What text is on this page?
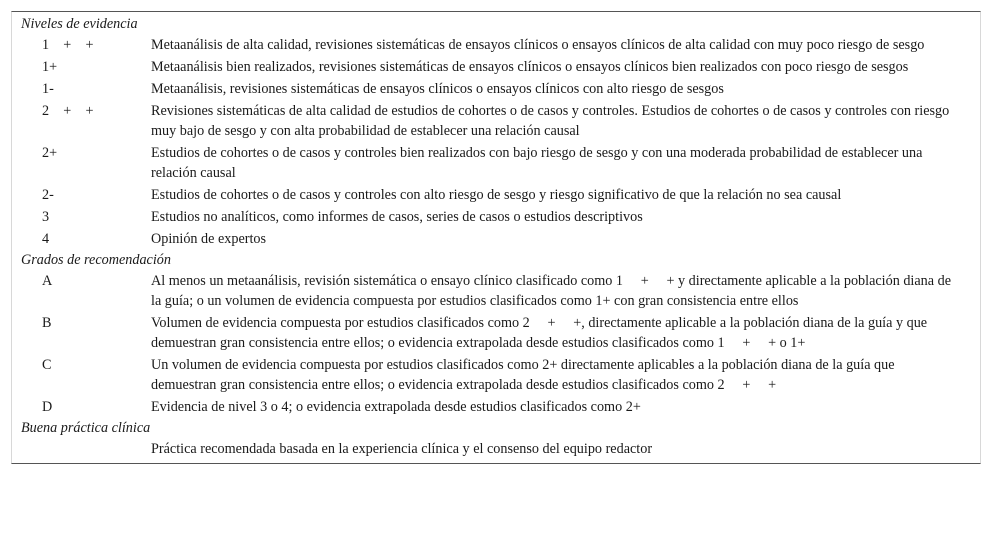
Niveles de evidencia
1    +    +	Metaanálisis de alta calidad, revisiones sistemáticas de ensayos clínicos o ensayos clínicos de alta calidad con muy poco riesgo de sesgo
1+	Metaanálisis bien realizados, revisiones sistemáticas de ensayos clínicos o ensayos clínicos bien realizados con poco riesgo de sesgos
1-	Metaanálisis, revisiones sistemáticas de ensayos clínicos o ensayos clínicos con alto riesgo de sesgos
2    +    +	Revisiones sistemáticas de alta calidad de estudios de cohortes o de casos y controles. Estudios de cohortes o de casos y controles con riesgo muy bajo de sesgo y con alta probabilidad de establecer una relación causal
2+	Estudios de cohortes o de casos y controles bien realizados con bajo riesgo de sesgo y con una moderada probabilidad de establecer una relación causal
2-	Estudios de cohortes o de casos y controles con alto riesgo de sesgo y riesgo significativo de que la relación no sea causal
3	Estudios no analíticos, como informes de casos, series de casos o estudios descriptivos
4	Opinión de expertos
Grados de recomendación
A	Al menos un metaanálisis, revisión sistemática o ensayo clínico clasificado como 1     +     + y directamente aplicable a la población diana de la guía; o un volumen de evidencia compuesta por estudios clasificados como 1+ con gran consistencia entre ellos
B	Volumen de evidencia compuesta por estudios clasificados como 2     +     +, directamente aplicable a la población diana de la guía y que demuestran gran consistencia entre ellos; o evidencia extrapolada desde estudios clasificados como 1     +     + o 1+
C	Un volumen de evidencia compuesta por estudios clasificados como 2+ directamente aplicables a la población diana de la guía que demuestran gran consistencia entre ellos; o evidencia extrapolada desde estudios clasificados como 2     +     +
D	Evidencia de nivel 3 o 4; o evidencia extrapolada desde estudios clasificados como 2+
Buena práctica clínica
Práctica recomendada basada en la experiencia clínica y el consenso del equipo redactor
